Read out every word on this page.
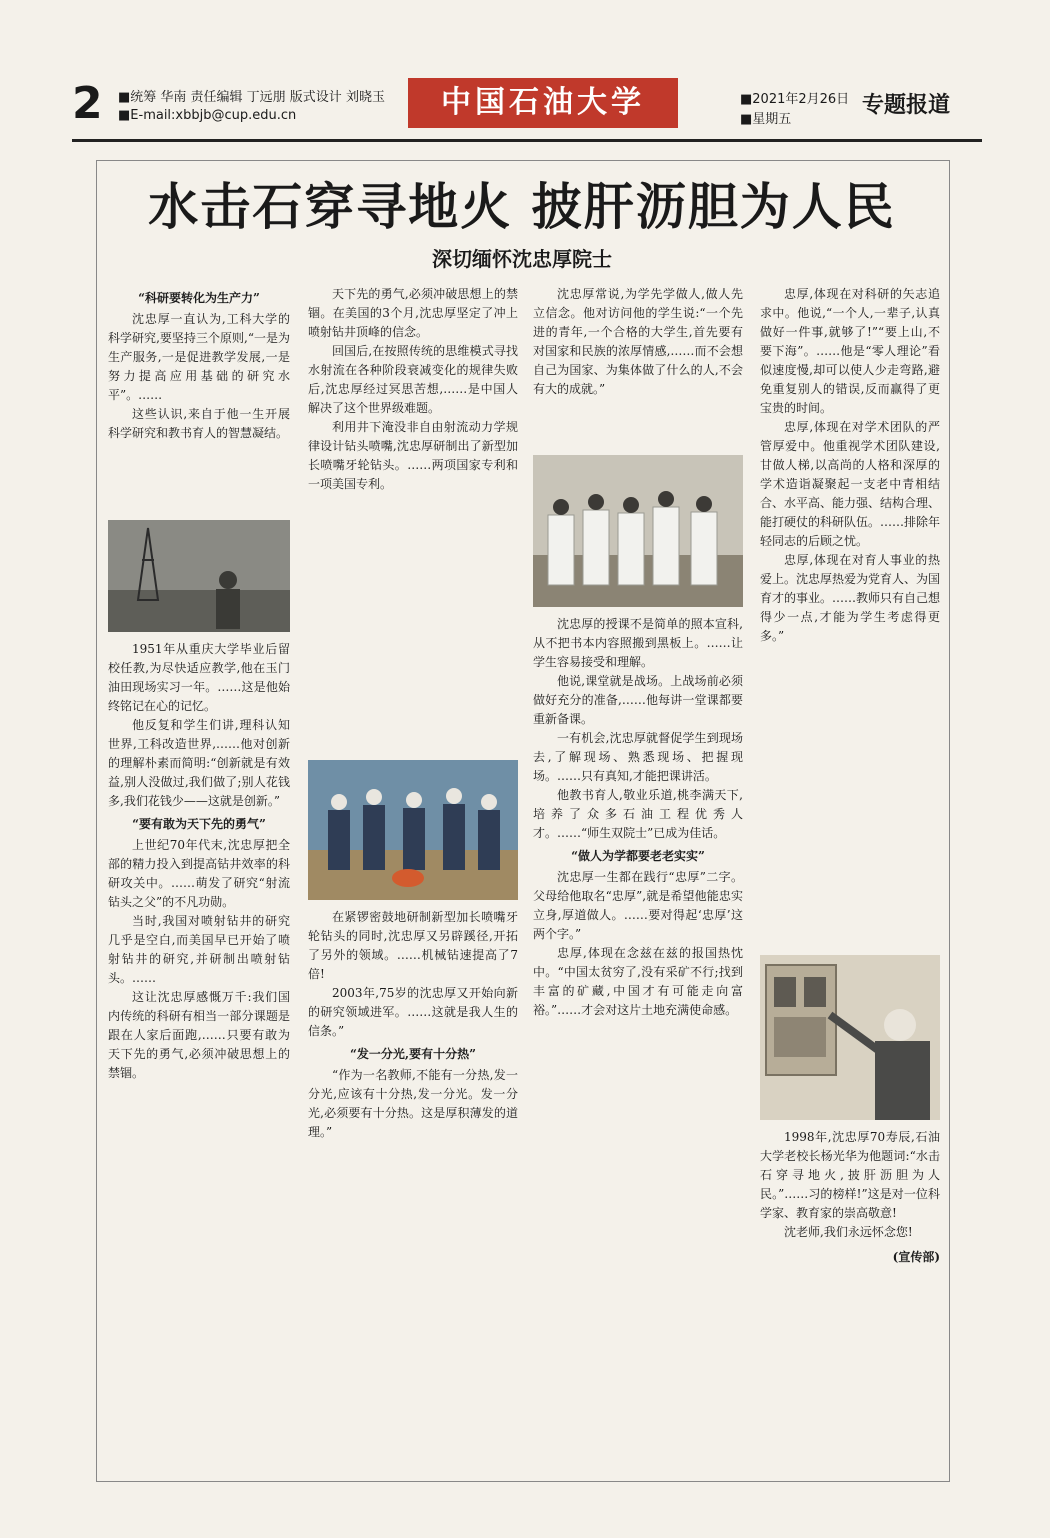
2 ■统筹 华南 责任编辑 丁远朋 版式设计 刘晓玉
■E-mail:xbbjb@cup.edu.cn	中国石油大学	■2021年2月26日
■星期五
专题报道
水击石穿寻地火 披肝沥胆为人民
深切缅怀沈忠厚院士
“科研要转化为生产力”

沈忠厚一直认为,工科大学的科学研究,要坚持三个原则,“一是为生产服务,一是促进教学发展,一是努力提高应用基础的研究水平”。……

这些认识,来自于他一生开展科学研究和教书育人的智慧凝结。

1951年从重庆大学毕业后留校任教,为尽快适应教学,他在玉门油田现场实习一年。……这是他始终铭记在心的记忆。

他反复和学生们讲,理科认知世界,工科改造世界,……他对创新的理解朴素而简明:“创新就是有效益,别人没做过,我们做了;别人花钱多,我们花钱少——这就是创新。”

“要有敢为天下先的勇气”

上世纪70年代末,沈忠厚把全部的精力投入到提高钻井效率的科研攻关中。……萌发了研究“射流钻头之父”的不凡功勋。

当时,我国对喷射钻井的研究几乎是空白,而美国早已开始了喷射钻井的研究,并研制出喷射钻头。……

这让沈忠厚感慨万千:我们国内传统的科研有相当一部分课题是跟在人家后面跑,……只要有敢为天下先的勇气,必须冲破思想上的禁锢。

天下先的勇气,必须冲破思想上的禁锢。在美国的3个月,沈忠厚坚定了冲上喷射钻井顶峰的信念。

回国后,在按照传统的思维模式寻找水射流在各种阶段衰减变化的规律失败后,沈忠厚经过冥思苦想,……是中国人解决了这个世界级难题。

利用井下淹没非自由射流动力学规律设计钻头喷嘴,沈忠厚研制出了新型加长喷嘴牙轮钻头。……两项国家专利和一项美国专利。

在紧锣密鼓地研制新型加长喷嘴牙轮钻头的同时,沈忠厚又另辟蹊径,开拓了另外的领域。……机械钻速提高了7倍!

2003年,75岁的沈忠厚又开始向新的研究领域进军。……这就是我人生的信条。”

“发一分光,要有十分热”

“作为一名教师,不能有一分热,发一分光,应该有十分热,发一分光。发一分光,必须要有十分热。这是厚积薄发的道理。”

沈忠厚常说,为学先学做人,做人先立信念。他对访问他的学生说:“一个先进的青年,一个合格的大学生,首先要有对国家和民族的浓厚情感,……而不会想自己为国家、为集体做了什么的人,不会有大的成就。”

沈忠厚的授课不是简单的照本宣科,从不把书本内容照搬到黑板上。……让学生容易接受和理解。

他说,课堂就是战场。上战场前必须做好充分的准备,……他每讲一堂课都要重新备课。

一有机会,沈忠厚就督促学生到现场去,了解现场、熟悉现场、把握现场。……只有真知,才能把课讲活。

他教书育人,敬业乐道,桃李满天下,培养了众多石油工程优秀人才。……“师生双院士”已成为佳话。

“做人为学都要老老实实”

沈忠厚一生都在践行“忠厚”二字。父母给他取名“忠厚”,就是希望他能忠实立身,厚道做人。……要对得起‘忠厚’这两个字。”

忠厚,体现在念兹在兹的报国热忱中。“中国太贫穷了,没有采矿不行;找到丰富的矿藏,中国才有可能走向富裕。”……才会对这片土地充满使命感。

忠厚,体现在对科研的矢志追求中。他说,“一个人,一辈子,认真做好一件事,就够了!”“要上山,不要下海”。……他是“零人理论”看似速度慢,却可以使人少走弯路,避免重复别人的错误,反而赢得了更宝贵的时间。

忠厚,体现在对学术团队的严管厚爱中。他重视学术团队建设,甘做人梯,以高尚的人格和深厚的学术造诣凝聚起一支老中青相结合、水平高、能力强、结构合理、能打硬仗的科研队伍。……排除年轻同志的后顾之忧。

忠厚,体现在对育人事业的热爱上。沈忠厚热爱为党育人、为国育才的事业。……教师只有自己想得少一点,才能为学生考虑得更多。”

1998年,沈忠厚70寿辰,石油大学老校长杨光华为他题词:“水击石穿寻地火,披肝沥胆为人民。”……习的榜样!”这是对一位科学家、教育家的崇高敬意!

沈老师,我们永远怀念您!

(宣传部)
